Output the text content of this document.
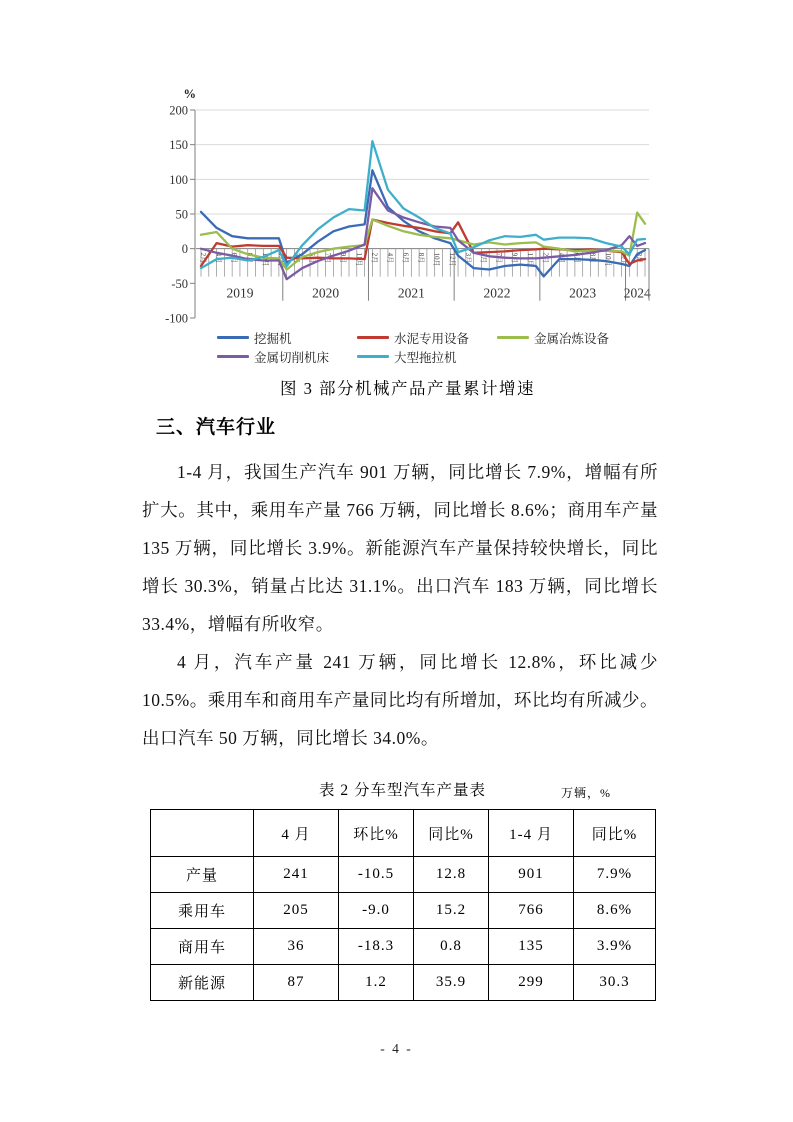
200
150
100
50
0
-50
-100
%
2月 4月 6月 8月 10月 12月 3月 5月 7月 9月 11月 2月 4月 6月 8月 10月 12月 3月 5月 7月 9月 11月 2月 4月 6月 8月 10月 12月 3月
2019	2020	2021	2022	2023 2024
挖掘机	水泥专用设备	金属冶炼设备
金属切削机床	大型拖拉机
图 3 部分机械产品产量累计增速
三、汽车行业

1-4 月，我国生产汽车 901 万辆，同比增长 7.9%，增幅有所扩大。其中，乘用车产量 766 万辆，同比增长 8.6%；商用车产量 135 万辆，同比增长 3.9%。新能源汽车产量保持较快增长，同比增长 30.3%，销量占比达 31.1%。出口汽车 183 万辆，同比增长 33.4%，增幅有所收窄。

4 月，汽车产量 241 万辆，同比增长 12.8%，环比减少 10.5%。乘用车和商用车产量同比均有所增加，环比均有所减少。出口汽车 50 万辆，同比增长 34.0%。

表 2 分车型汽车产量表	万辆，%
	4 月	环比%	同比%	1-4 月	同比%
产量	241	-10.5	12.8	901	7.9%
乘用车	205	-9.0	15.2	766	8.6%
商用车	36	-18.3	0.8	135	3.9%
新能源	87	1.2	35.9	299	30.3
- 4 -
